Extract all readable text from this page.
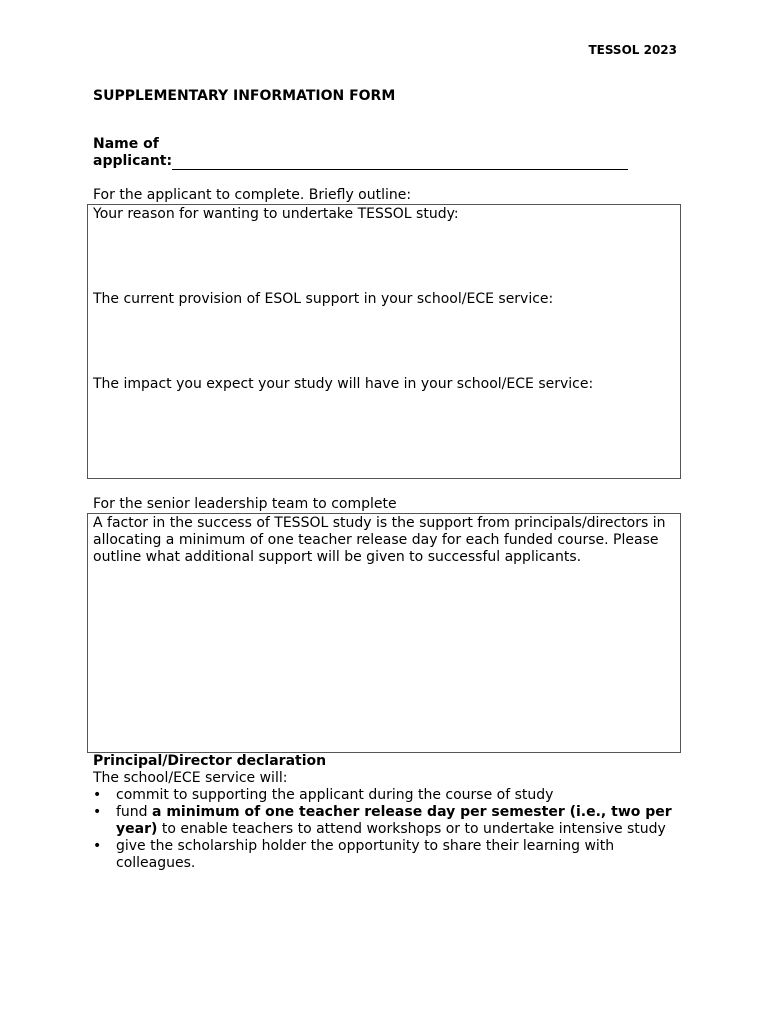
TESSOL 2023
SUPPLEMENTARY INFORMATION FORM
Name of
applicant:
For the applicant to complete. Briefly outline:
Your reason for wanting to undertake TESSOL study:
The current provision of ESOL support in your school/ECE service:
The impact you expect your study will have in your school/ECE service:
For the senior leadership team to complete
A factor in the success of TESSOL study is the support from principals/directors in allocating a minimum of one teacher release day for each funded course. Please outline what additional support will be given to successful applicants.
Principal/Director declaration
The school/ECE service will:
• commit to supporting the applicant during the course of study
• fund a minimum of one teacher release day per semester (i.e., two per year) to enable teachers to attend workshops or to undertake intensive study
• give the scholarship holder the opportunity to share their learning with colleagues.
